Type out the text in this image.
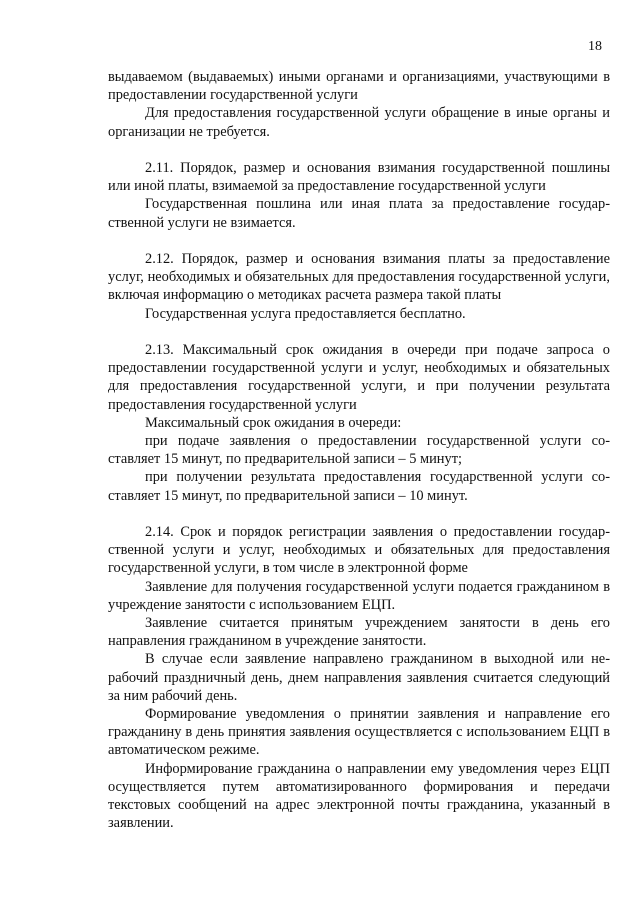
18

выдаваемом (выдаваемых) иными органами и организациями, участвующими в предоставлении государственной услуги

Для предоставления государственной услуги обращение в иные органы и организации не требуется.

2.11. Порядок, размер и основания взимания государственной пошлины или иной платы, взимаемой за предоставление государственной услуги

Государственная пошлина или иная плата за предоставление государственной услуги не взимается.

2.12. Порядок, размер и основания взимания платы за предоставление услуг, необходимых и обязательных для предоставления государственной услуги, включая информацию о методиках расчета размера такой платы

Государственная услуга предоставляется бесплатно.

2.13. Максимальный срок ожидания в очереди при подаче запроса о предоставлении государственной услуги и услуг, необходимых и обязательных для предоставления государственной услуги, и при получении результата предоставления государственной услуги

Максимальный срок ожидания в очереди:

при подаче заявления о предоставлении государственной услуги составляет 15 минут, по предварительной записи – 5 минут;

при получении результата предоставления государственной услуги составляет 15 минут, по предварительной записи – 10 минут.

2.14. Срок и порядок регистрации заявления о предоставлении государственной услуги и услуг, необходимых и обязательных для предоставления государственной услуги, в том числе в электронной форме

Заявление для получения государственной услуги подается гражданином в учреждение занятости с использованием ЕЦП.

Заявление считается принятым учреждением занятости в день его направления гражданином в учреждение занятости.

В случае если заявление направлено гражданином в выходной или нерабочий праздничный день, днем направления заявления считается следующий за ним рабочий день.

Формирование уведомления о принятии заявления и направление его гражданину в день принятия заявления осуществляется с использованием ЕЦП в автоматическом режиме.

Информирование гражданина о направлении ему уведомления через ЕЦП осуществляется путем автоматизированного формирования и передачи текстовых сообщений на адрес электронной почты гражданина, указанный в заявлении.
